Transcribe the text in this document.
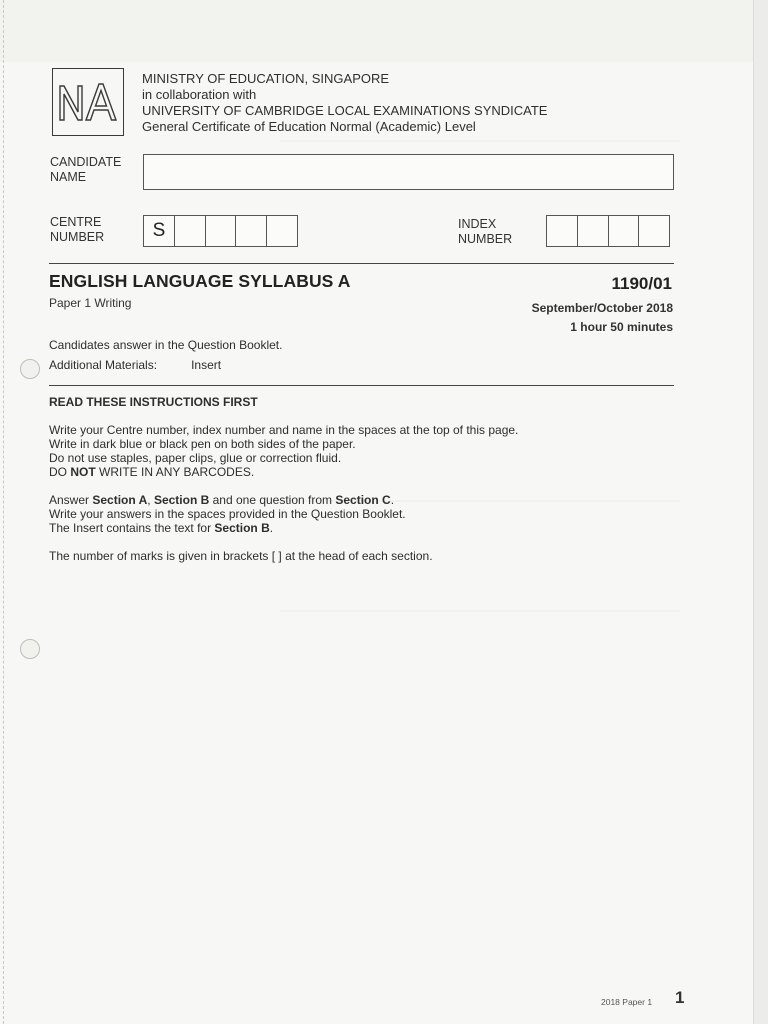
MINISTRY OF EDUCATION, SINGAPORE
in collaboration with
UNIVERSITY OF CAMBRIDGE LOCAL EXAMINATIONS SYNDICATE
General Certificate of Education Normal (Academic) Level
CANDIDATE
NAME
CENTRE
NUMBER	S	INDEX
NUMBER
ENGLISH LANGUAGE SYLLABUS A	1190/01
Paper 1 Writing	September/October 2018
1 hour 50 minutes
Candidates answer in the Question Booklet.
Additional Materials:	Insert
READ THESE INSTRUCTIONS FIRST
Write your Centre number, index number and name in the spaces at the top of this page.
Write in dark blue or black pen on both sides of the paper.
Do not use staples, paper clips, glue or correction fluid.
DO NOT WRITE IN ANY BARCODES.
Answer Section A, Section B and one question from Section C.
Write your answers in the spaces provided in the Question Booklet.
The Insert contains the text for Section B.
The number of marks is given in brackets [ ] at the head of each section.
2018 Paper 1 1
